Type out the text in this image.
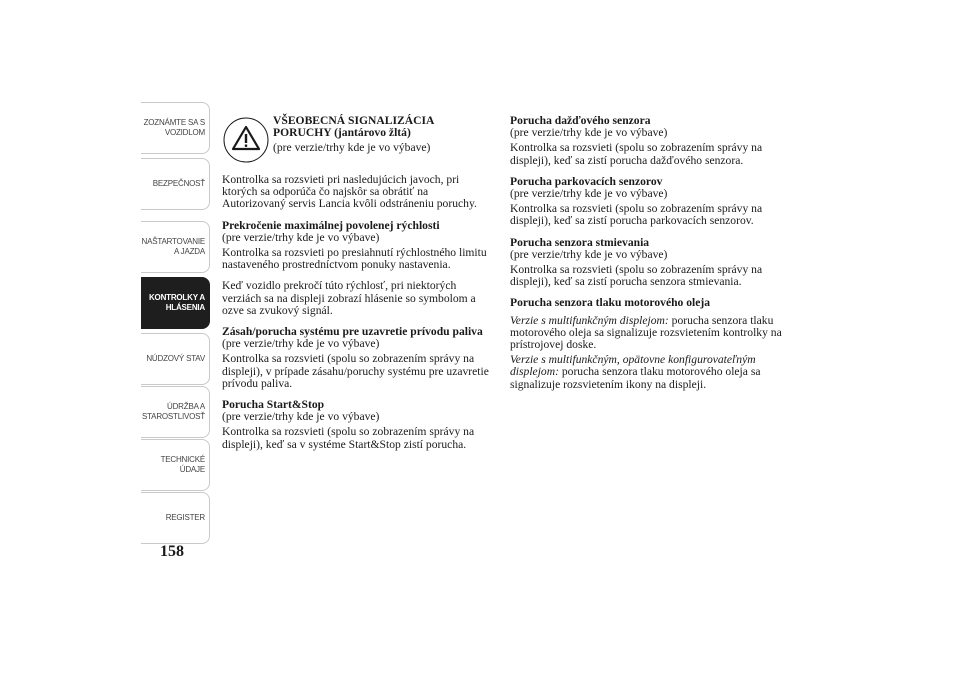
ZOZNÁMTE SA S
VOZIDLOM
BEZPEČNOSŤ
NAŠTARTOVANIE
A JAZDA
KONTROLKY A
HLÁSENIA
NÚDZOVÝ STAV
ÚDRŽBA A
STAROSTLIVOSŤ
TECHNICKÉ
ÚDAJE
REGISTER
158
VŠEOBECNÁ SIGNALIZÁCIA
PORUCHY (jantárovo žltá)
(pre verzie/trhy kde je vo výbave)

Kontrolka sa rozsvieti pri nasledujúcich javoch, pri ktorých sa odporúča čo najskôr sa obrátiť na Autorizovaný servis Lancia kvôli odstráneniu poruchy.

Prekročenie maximálnej povolenej rýchlosti
(pre verzie/trhy kde je vo výbave)

Kontrolka sa rozsvieti po presiahnutí rýchlostného limitu nastaveného prostredníctvom ponuky nastavenia.

Keď vozidlo prekročí túto rýchlosť, pri niektorých verziách sa na displeji zobrazí hlásenie so symbolom a ozve sa zvukový signál.

Zásah/porucha systému pre uzavretie prívodu paliva
(pre verzie/trhy kde je vo výbave)

Kontrolka sa rozsvieti (spolu so zobrazením správy na displeji), v prípade zásahu/poruchy systému pre uzavretie prívodu paliva.

Porucha Start&Stop
(pre verzie/trhy kde je vo výbave)

Kontrolka sa rozsvieti (spolu so zobrazením správy na displeji), keď sa v systéme Start&Stop zistí porucha.

Porucha dažďového senzora
(pre verzie/trhy kde je vo výbave)

Kontrolka sa rozsvieti (spolu so zobrazením správy na displeji), keď sa zistí porucha dažďového senzora.

Porucha parkovacích senzorov
(pre verzie/trhy kde je vo výbave)

Kontrolka sa rozsvieti (spolu so zobrazením správy na displeji), keď sa zistí porucha parkovacích senzorov.

Porucha senzora stmievania
(pre verzie/trhy kde je vo výbave)

Kontrolka sa rozsvieti (spolu so zobrazením správy na displeji), keď sa zistí porucha senzora stmievania.

Porucha senzora tlaku motorového oleja

Verzie s multifunkčným displejom: porucha senzora tlaku motorového oleja sa signalizuje rozsvietením kontrolky na prístrojovej doske.

Verzie s multifunkčným, opätovne konfigurovateľným displejom: porucha senzora tlaku motorového oleja sa signalizuje rozsvietením ikony na displeji.
